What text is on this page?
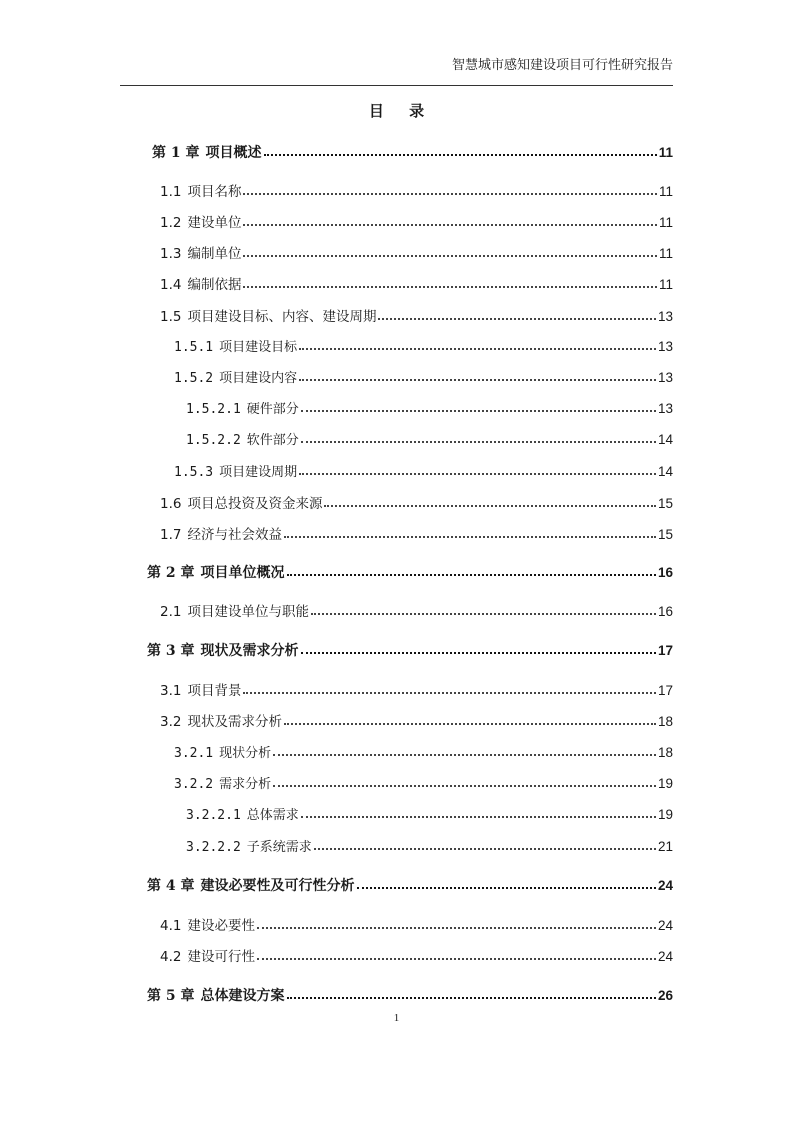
智慧城市感知建设项目可行性研究报告
目 录
第 1 章 项目概述	11
1.1 项目名称	11
1.2 建设单位	11
1.3 编制单位	11
1.4 编制依据	11
1.5 项目建设目标、内容、建设周期	13
1.5.1 项目建设目标	13
1.5.2 项目建设内容	13
1.5.2.1 硬件部分	13
1.5.2.2 软件部分	14
1.5.3 项目建设周期	14
1.6 项目总投资及资金来源	15
1.7 经济与社会效益	15
第 2 章 项目单位概况	16
2.1 项目建设单位与职能	16
第 3 章 现状及需求分析	17
3.1 项目背景	17
3.2 现状及需求分析	18
3.2.1 现状分析	18
3.2.2 需求分析	19
3.2.2.1 总体需求	19
3.2.2.2 子系统需求	21
第 4 章 建设必要性及可行性分析	24
4.1 建设必要性	24
4.2 建设可行性	24
第 5 章 总体建设方案	26
1
